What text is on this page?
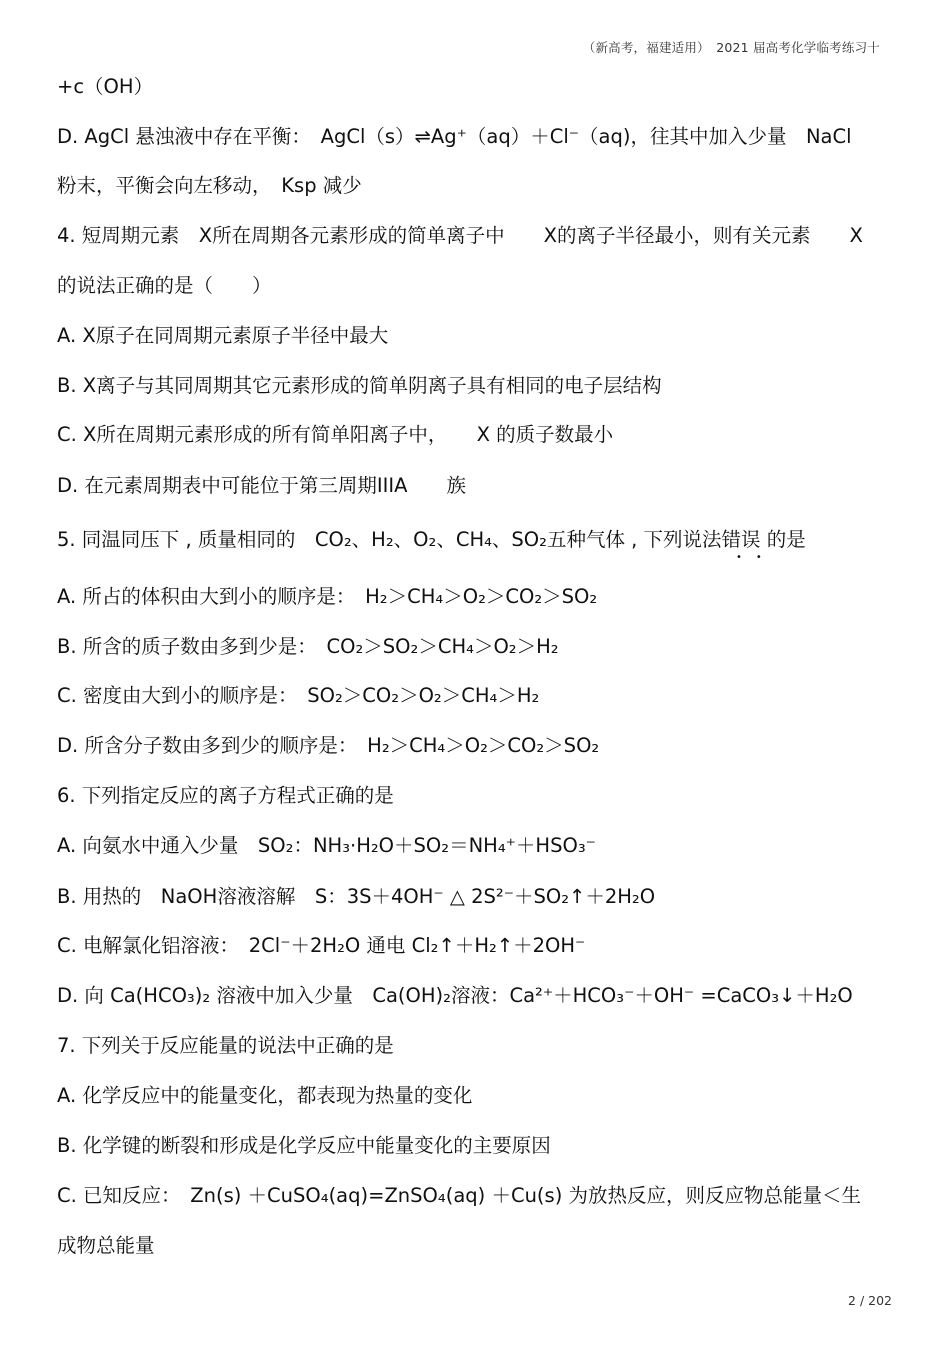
（新高考，福建适用）　2021 届高考化学临考练习十
+c（OH）
D. AgCl 悬浊液中存在平衡：　AgCl（s）⇌Ag⁺（aq）＋Cl⁻（aq)，往其中加入少量　NaCl
粉末，平衡会向左移动，　Ksp 减少
4. 短周期元素　X所在周期各元素形成的简单离子中　　X的离子半径最小，则有关元素　　X
的说法正确的是（　　）
A. X原子在同周期元素原子半径中最大
B. X离子与其同周期其它元素形成的简单阴离子具有相同的电子层结构
C. X所在周期元素形成的所有简单阳离子中，　　X 的质子数最小
D. 在元素周期表中可能位于第三周期IIIA　　族
5. 同温同压下 , 质量相同的　CO₂、H₂、O₂、CH₄、SO₂五种气体 , 下列说法错误 的是
••
A. 所占的体积由大到小的顺序是：　H₂＞CH₄＞O₂＞CO₂＞SO₂
B. 所含的质子数由多到少是：　CO₂＞SO₂＞CH₄＞O₂＞H₂
C. 密度由大到小的顺序是：　SO₂＞CO₂＞O₂＞CH₄＞H₂
D. 所含分子数由多到少的顺序是：　H₂＞CH₄＞O₂＞CO₂＞SO₂
6. 下列指定反应的离子方程式正确的是
A. 向氨水中通入少量　SO₂：NH₃·H₂O＋SO₂＝NH₄⁺＋HSO₃⁻
B. 用热的　NaOH溶液溶解　S：3S＋4OH⁻ △ 2S²⁻＋SO₂↑＋2H₂O
C. 电解氯化铝溶液：　2Cl⁻＋2H₂O 通电 Cl₂↑＋H₂↑＋2OH⁻
D. 向 Ca(HCO₃)₂ 溶液中加入少量　Ca(OH)₂溶液：Ca²⁺＋HCO₃⁻＋OH⁻ =CaCO₃↓＋H₂O
7. 下列关于反应能量的说法中正确的是
A. 化学反应中的能量变化，都表现为热量的变化
B. 化学键的断裂和形成是化学反应中能量变化的主要原因
C. 已知反应：　Zn(s) ＋CuSO₄(aq)=ZnSO₄(aq) ＋Cu(s) 为放热反应，则反应物总能量＜生
成物总能量
2 / 202
